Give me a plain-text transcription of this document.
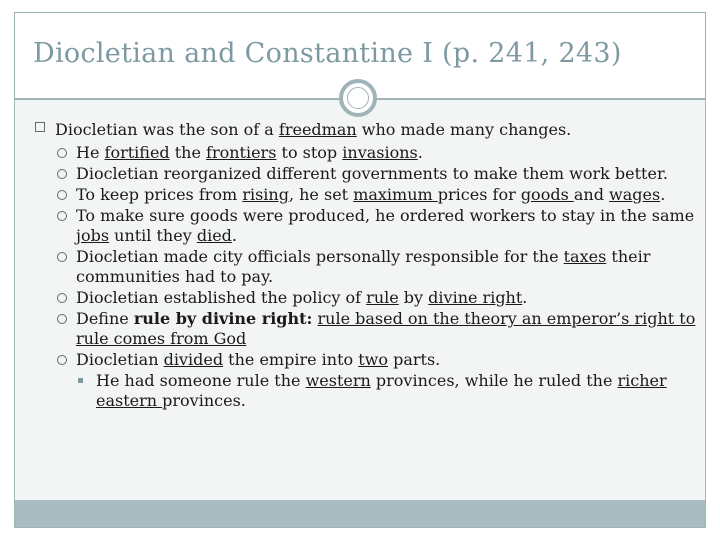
Diocletian and Constantine I (p. 241, 243)
Diocletian was the son of a freedman who made many changes.
He fortified the frontiers to stop invasions.
Diocletian reorganized different governments to make them work better.
To keep prices from rising, he set maximum prices for goods and wages.
To make sure goods were produced, he ordered workers to stay in the same jobs until they died.
Diocletian made city officials personally responsible for the taxes their communities had to pay.
Diocletian established the policy of rule by divine right.
Define rule by divine right: rule based on the theory an emperor’s right to rule comes from God
Diocletian divided the empire into two parts.
He had someone rule the western provinces, while he ruled the richer eastern provinces.
